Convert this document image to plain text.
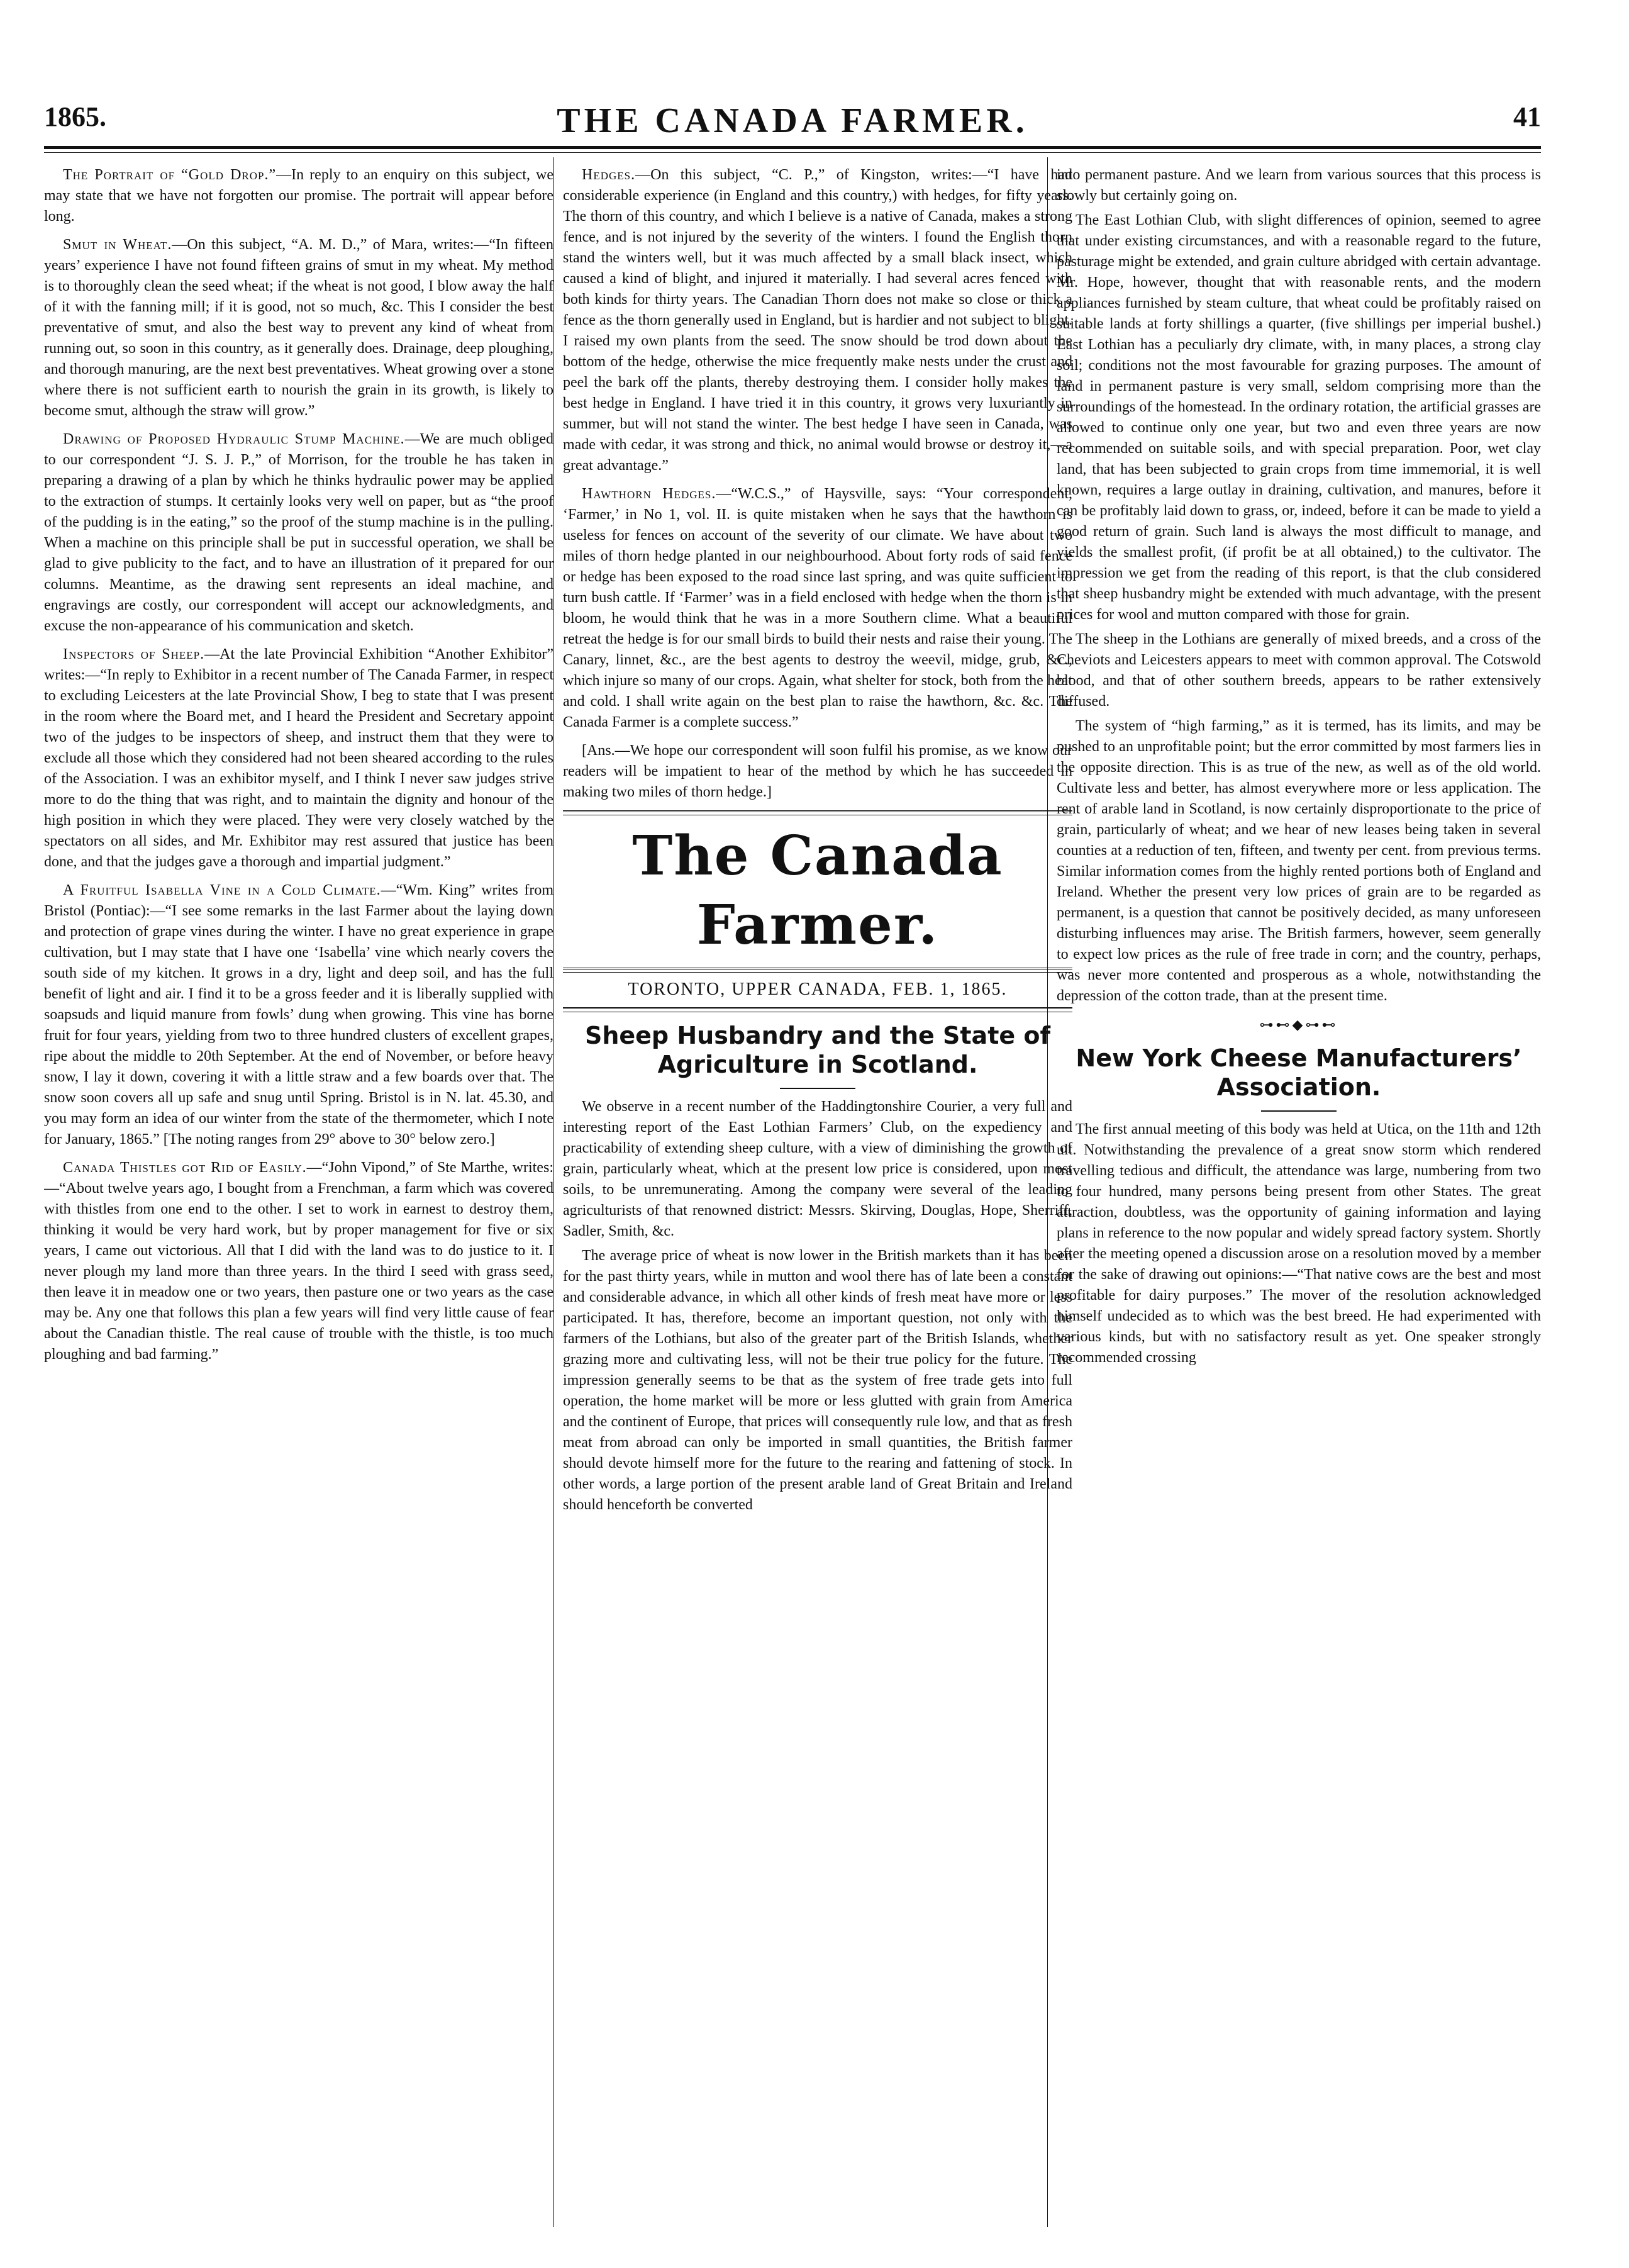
1865.	THE CANADA FARMER.	41
The Portrait of “Gold Drop.”—In reply to an enquiry on this subject, we may state that we have not forgotten our promise. The portrait will appear before long.
Smut in Wheat.—On this subject, “A. M. D.,” of Mara, writes:—“In fifteen years’ experience I have not found fifteen grains of smut in my wheat. My method is to thoroughly clean the seed wheat; if the wheat is not good, I blow away the half of it with the fanning mill; if it is good, not so much, &c. This I consider the best preventative of smut, and also the best way to prevent any kind of wheat from running out, so soon in this country, as it generally does. Drainage, deep ploughing, and thorough manuring, are the next best preventatives. Wheat growing over a stone where there is not sufficient earth to nourish the grain in its growth, is likely to become smut, although the straw will grow.”
Drawing of Proposed Hydraulic Stump Machine.—We are much obliged to our correspondent “J. S. J. P.,” of Morrison, for the trouble he has taken in preparing a drawing of a plan by which he thinks hydraulic power may be applied to the extraction of stumps. It certainly looks very well on paper, but as “the proof of the pudding is in the eating,” so the proof of the stump machine is in the pulling. When a machine on this principle shall be put in successful operation, we shall be glad to give publicity to the fact, and to have an illustration of it prepared for our columns. Meantime, as the drawing sent represents an ideal machine, and engravings are costly, our correspondent will accept our acknowledgments, and excuse the non-appearance of his communication and sketch.
Inspectors of Sheep.—At the late Provincial Exhibition “Another Exhibitor” writes:—“In reply to Exhibitor in a recent number of The Canada Farmer, in respect to excluding Leicesters at the late Provincial Show, I beg to state that I was present in the room where the Board met, and I heard the President and Secretary appoint two of the judges to be inspectors of sheep, and instruct them that they were to exclude all those which they considered had not been sheared according to the rules of the Association. I was an exhibitor myself, and I think I never saw judges strive more to do the thing that was right, and to maintain the dignity and honour of the high position in which they were placed. They were very closely watched by the spectators on all sides, and Mr. Exhibitor may rest assured that justice has been done, and that the judges gave a thorough and impartial judgment.”
A Fruitful Isabella Vine in a Cold Climate.—“Wm. King” writes from Bristol (Pontiac):—“I see some remarks in the last Farmer about the laying down and protection of grape vines during the winter. I have no great experience in grape cultivation, but I may state that I have one ‘Isabella’ vine which nearly covers the south side of my kitchen. It grows in a dry, light and deep soil, and has the full benefit of light and air. I find it to be a gross feeder and it is liberally supplied with soapsuds and liquid manure from fowls’ dung when growing. This vine has borne fruit for four years, yielding from two to three hundred clusters of excellent grapes, ripe about the middle to 20th September. At the end of November, or before heavy snow, I lay it down, covering it with a little straw and a few boards over that. The snow soon covers all up safe and snug until Spring. Bristol is in N. lat. 45.30, and you may form an idea of our winter from the state of the thermometer, which I note for January, 1865.” [The noting ranges from 29° above to 30° below zero.]
Canada Thistles got Rid of Easily.—“John Vipond,” of Ste Marthe, writes:—“About twelve years ago, I bought from a Frenchman, a farm which was covered with thistles from one end to the other. I set to work in earnest to destroy them, thinking it would be very hard work, but by proper management for five or six years, I came out victorious. All that I did with the land was to do justice to it. I never plough my land more than three years. In the third I seed with grass seed, then leave it in meadow one or two years, then pasture one or two years as the case may be. Any one that follows this plan a few years will find very little cause of fear about the Canadian thistle. The real cause of trouble with the thistle, is too much ploughing and bad farming.”
Hedges.—On this subject, “C. P.,” of Kingston, writes:—“I have had considerable experience (in England and this country,) with hedges, for fifty years. The thorn of this country, and which I believe is a native of Canada, makes a strong fence, and is not injured by the severity of the winters. I found the English thorn stand the winters well, but it was much affected by a small black insect, which caused a kind of blight, and injured it materially. I had several acres fenced with both kinds for thirty years. The Canadian Thorn does not make so close or thick a fence as the thorn generally used in England, but is hardier and not subject to blight. I raised my own plants from the seed. The snow should be trod down about the bottom of the hedge, otherwise the mice frequently make nests under the crust and peel the bark off the plants, thereby destroying them. I consider holly makes the best hedge in England. I have tried it in this country, it grows very luxuriantly in summer, but will not stand the winter. The best hedge I have seen in Canada, was made with cedar, it was strong and thick, no animal would browse or destroy it,—a great advantage.”
Hawthorn Hedges.—“W.C.S.,” of Haysville, says: “Your correspondent, ‘Farmer,’ in No 1, vol. II. is quite mistaken when he says that the hawthorn is useless for fences on account of the severity of our climate. We have about two miles of thorn hedge planted in our neighbourhood. About forty rods of said fence or hedge has been exposed to the road since last spring, and was quite sufficient to turn bush cattle. If ‘Farmer’ was in a field enclosed with hedge when the thorn is in bloom, he would think that he was in a more Southern clime. What a beautiful retreat the hedge is for our small birds to build their nests and raise their young. The Canary, linnet, &c., are the best agents to destroy the weevil, midge, grub, &c., which injure so many of our crops. Again, what shelter for stock, both from the heat and cold. I shall write again on the best plan to raise the hawthorn, &c. &c. The Canada Farmer is a complete success.”
[Ans.—We hope our correspondent will soon fulfil his promise, as we know our readers will be impatient to hear of the method by which he has succeeded in making two miles of thorn hedge.]
The Canada Farmer.
TORONTO, UPPER CANADA, FEB. 1, 1865.
Sheep Husbandry and the State of Agriculture in Scotland.

We observe in a recent number of the Haddingtonshire Courier, a very full and interesting report of the East Lothian Farmers’ Club, on the expediency and practicability of extending sheep culture, with a view of diminishing the growth of grain, particularly wheat, which at the present low price is considered, upon most soils, to be unremunerating. Among the company were several of the leading agriculturists of that renowned district: Messrs. Skirving, Douglas, Hope, Sherriff, Sadler, Smith, &c.

The average price of wheat is now lower in the British markets than it has been for the past thirty years, while in mutton and wool there has of late been a constant and considerable advance, in which all other kinds of fresh meat have more or less participated. It has, therefore, become an important question, not only with the farmers of the Lothians, but also of the greater part of the British Islands, whether grazing more and cultivating less, will not be their true policy for the future. The impression generally seems to be that as the system of free trade gets into full operation, the home market will be more or less glutted with grain from America and the continent of Europe, that prices will consequently rule low, and that as fresh meat from abroad can only be imported in small quantities, the British farmer should devote himself more for the future to the rearing and fattening of stock. In other words, a large portion of the present arable land of Great Britain and Ireland should henceforth be converted

into permanent pasture. And we learn from various sources that this process is slowly but certainly going on.

The East Lothian Club, with slight differences of opinion, seemed to agree that under existing circumstances, and with a reasonable regard to the future, pasturage might be extended, and grain culture abridged with certain advantage. Mr. Hope, however, thought that with reasonable rents, and the modern appliances furnished by steam culture, that wheat could be profitably raised on suitable lands at forty shillings a quarter, (five shillings per imperial bushel.) East Lothian has a peculiarly dry climate, with, in many places, a strong clay soil; conditions not the most favourable for grazing purposes. The amount of land in permanent pasture is very small, seldom comprising more than the surroundings of the homestead. In the ordinary rotation, the artificial grasses are allowed to continue only one year, but two and even three years are now recommended on suitable soils, and with special preparation. Poor, wet clay land, that has been subjected to grain crops from time immemorial, it is well known, requires a large outlay in draining, cultivation, and manures, before it can be profitably laid down to grass, or, indeed, before it can be made to yield a good return of grain. Such land is always the most difficult to manage, and yields the smallest profit, (if profit be at all obtained,) to the cultivator. The impression we get from the reading of this report, is that the club considered that sheep husbandry might be extended with much advantage, with the present prices for wool and mutton compared with those for grain.

The sheep in the Lothians are generally of mixed breeds, and a cross of the Cheviots and Leicesters appears to meet with common approval. The Cotswold blood, and that of other southern breeds, appears to be rather extensively diffused.

The system of “high farming,” as it is termed, has its limits, and may be pushed to an unprofitable point; but the error committed by most farmers lies in the opposite direction. This is as true of the new, as well as of the old world. Cultivate less and better, has almost everywhere more or less application. The rent of arable land in Scotland, is now certainly disproportionate to the price of grain, particularly of wheat; and we hear of new leases being taken in several counties at a reduction of ten, fifteen, and twenty per cent. from previous terms. Similar information comes from the highly rented portions both of England and Ireland. Whether the present very low prices of grain are to be regarded as permanent, is a question that cannot be positively decided, as many unforeseen disturbing influences may arise. The British farmers, however, seem generally to expect low prices as the rule of free trade in corn; and the country, perhaps, was never more contented and prosperous as a whole, notwithstanding the depression of the cotton trade, than at the present time.

⊶⊷◆⊶⊷
New York Cheese Manufacturers’ Association.

The first annual meeting of this body was held at Utica, on the 11th and 12th ult. Notwithstanding the prevalence of a great snow storm which rendered travelling tedious and difficult, the attendance was large, numbering from two to four hundred, many persons being present from other States. The great attraction, doubtless, was the opportunity of gaining information and laying plans in reference to the now popular and widely spread factory system. Shortly after the meeting opened a discussion arose on a resolution moved by a member for the sake of drawing out opinions:—“That native cows are the best and most profitable for dairy purposes.” The mover of the resolution acknowledged himself undecided as to which was the best breed. He had experimented with various kinds, but with no satisfactory result as yet. One speaker strongly recommended crossing
